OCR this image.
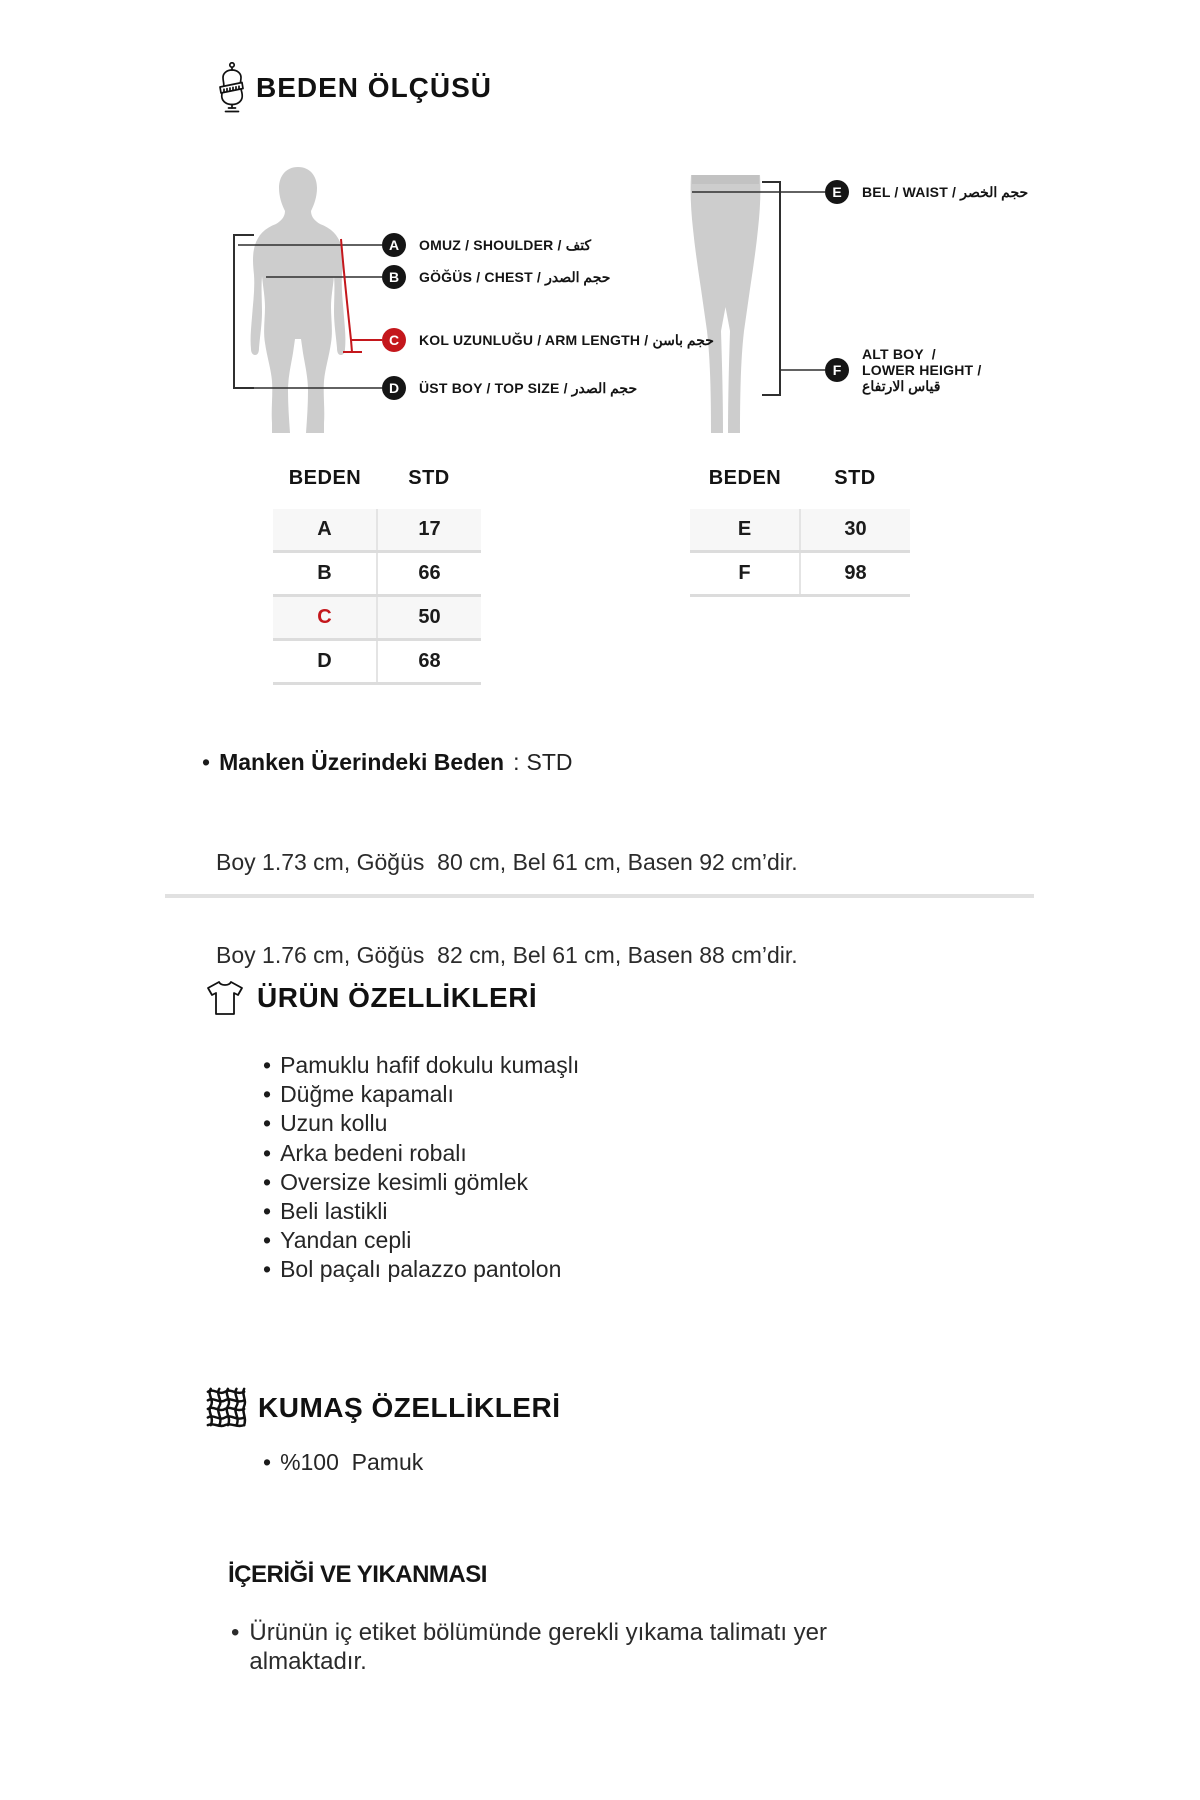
BEDEN ÖLÇÜSÜ
A	OMUZ / SHOULDER / كتف
B	GÖĞÜS / CHEST / حجم الصدر
C	KOL UZUNLUĞU / ARM LENGTH / حجم باسن
D	ÜST BOY / TOP SIZE / حجم الصدر
E	BEL / WAIST / حجم الخصر
F
ALT BOY  /
LOWER HEIGHT /
قياس الارتفاع
BEDEN	STD
A	17
B	66
C	50
D	68
BEDEN	STD
E	30
F	98
•
Manken Üzerindeki Beden : STD

Boy 1.73 cm, Göğüs  80 cm, Bel 61 cm, Basen 92 cm’dir.

Boy 1.76 cm, Göğüs  82 cm, Bel 61 cm, Basen 88 cm’dir.

ÜRÜN ÖZELLİKLERİ
•
Pamuklu hafif dokulu kumaşlı
•
Düğme kapamalı
•
Uzun kollu
•
Arka bedeni robalı
•
Oversize kesimli gömlek
•
Beli lastikli
•
Yandan cepli
•
Bol paçalı palazzo pantolon
KUMAŞ ÖZELLİKLERİ
•
%100  Pamuk
İÇERİĞİ VE YIKANMASI
•
Ürünün iç etiket bölümünde gerekli yıkama talimatı yer
almaktadır.
